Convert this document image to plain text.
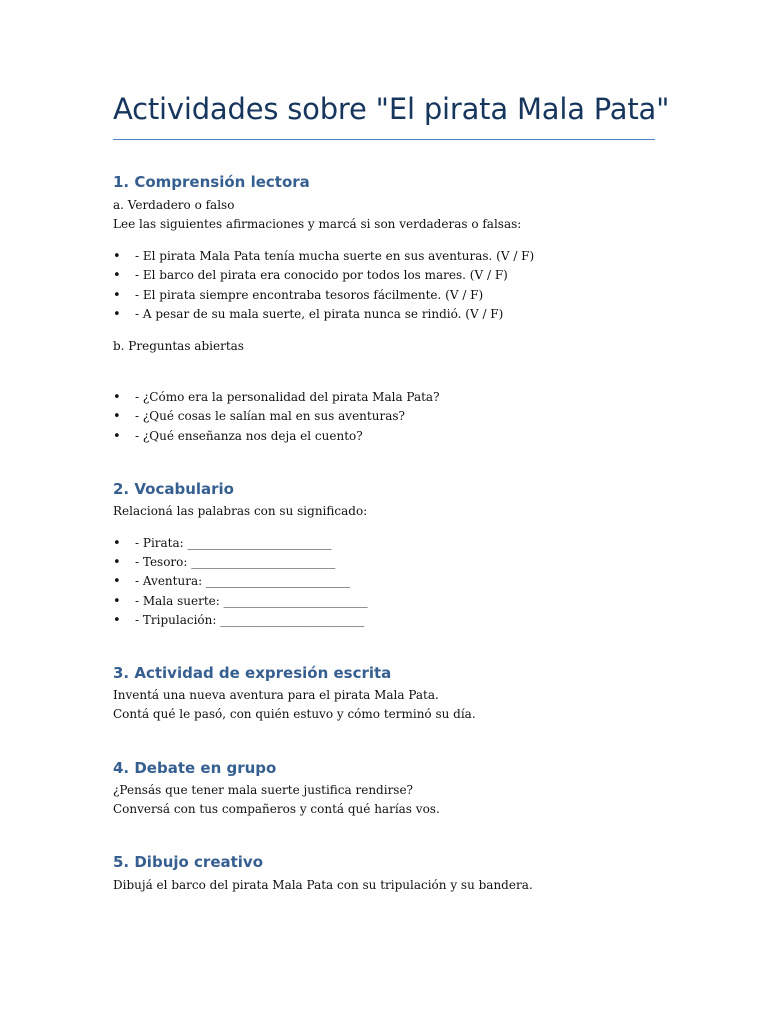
Actividades sobre "El pirata Mala Pata"
1. Comprensión lectora
a. Verdadero o falso
Lee las siguientes afirmaciones y marcá si son verdaderas o falsas:
• - El pirata Mala Pata tenía mucha suerte en sus aventuras. (V / F)
• - El barco del pirata era conocido por todos los mares. (V / F)
• - El pirata siempre encontraba tesoros fácilmente. (V / F)
• - A pesar de su mala suerte, el pirata nunca se rindió. (V / F)
b. Preguntas abiertas
• - ¿Cómo era la personalidad del pirata Mala Pata?
• - ¿Qué cosas le salían mal en sus aventuras?
• - ¿Qué enseñanza nos deja el cuento?
2. Vocabulario
Relacioná las palabras con su significado:
• - Pirata: ________________________
• - Tesoro: ________________________
• - Aventura: ________________________
• - Mala suerte: ________________________
• - Tripulación: ________________________
3. Actividad de expresión escrita
Inventá una nueva aventura para el pirata Mala Pata.
Contá qué le pasó, con quién estuvo y cómo terminó su día.
4. Debate en grupo
¿Pensás que tener mala suerte justifica rendirse?
Conversá con tus compañeros y contá qué harías vos.
5. Dibujo creativo
Dibujá el barco del pirata Mala Pata con su tripulación y su bandera.
